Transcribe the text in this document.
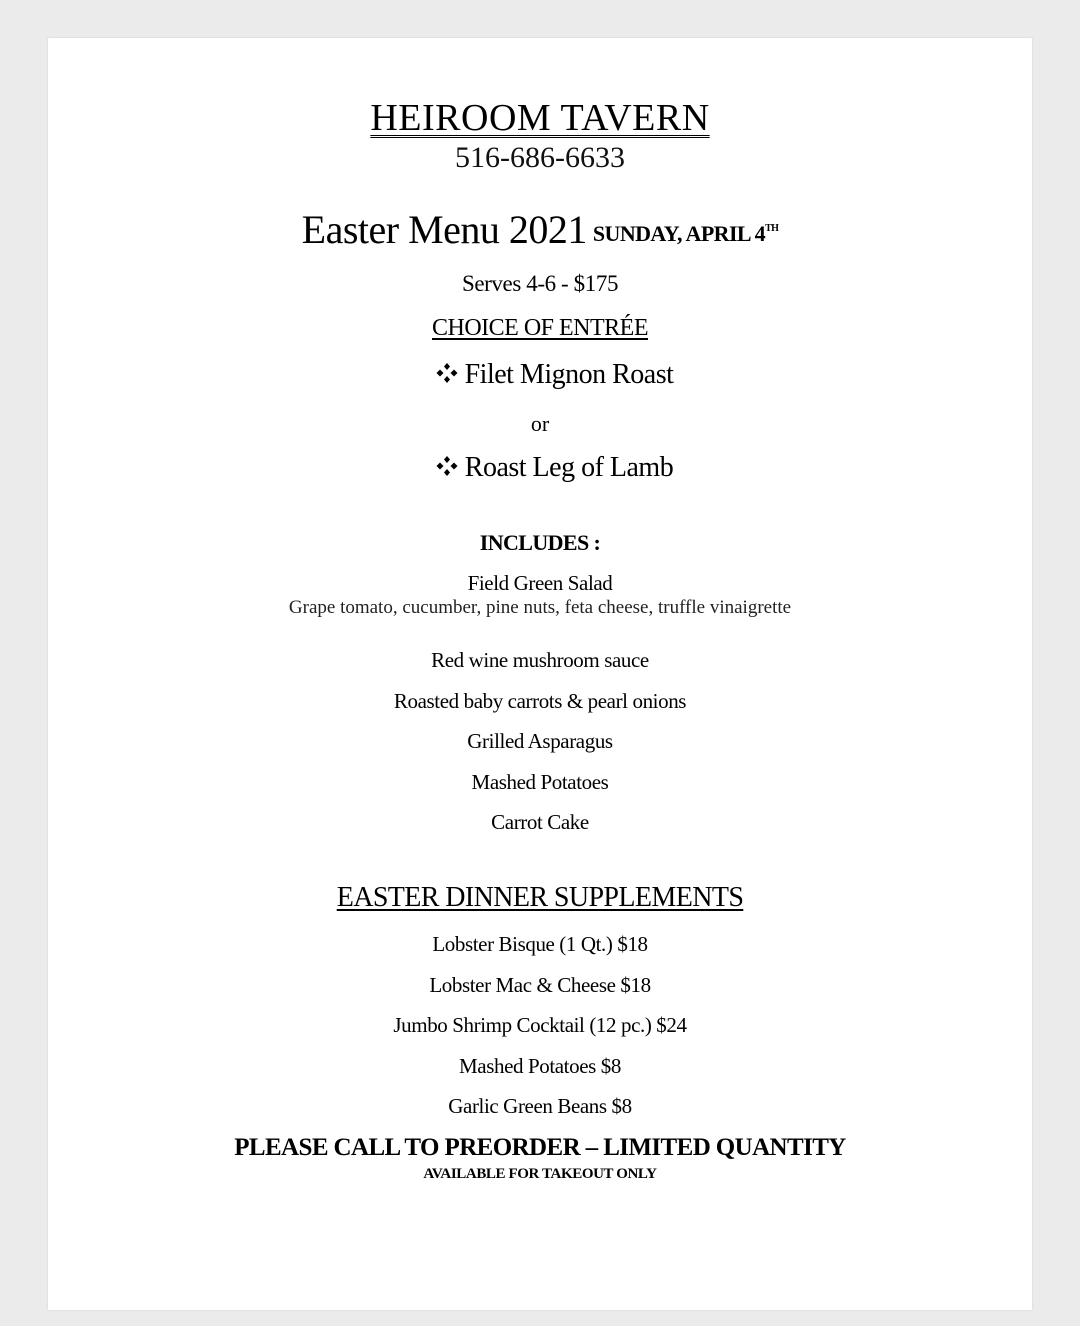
HEIROOM TAVERN
516-686-6633
Easter Menu 2021 SUNDAY, APRIL 4TH
Serves 4-6 - $175
CHOICE OF ENTRÉE
Filet Mignon Roast
or
Roast Leg of Lamb
INCLUDES :
Field Green Salad
Grape tomato, cucumber, pine nuts, feta cheese, truffle vinaigrette
Red wine mushroom sauce
Roasted baby carrots & pearl onions
Grilled Asparagus
Mashed Potatoes
Carrot Cake
EASTER DINNER SUPPLEMENTS
Lobster Bisque (1 Qt.) $18
Lobster Mac & Cheese $18
Jumbo Shrimp Cocktail (12 pc.) $24
Mashed Potatoes $8
Garlic Green Beans $8
PLEASE CALL TO PREORDER – LIMITED QUANTITY
AVAILABLE FOR TAKEOUT ONLY
